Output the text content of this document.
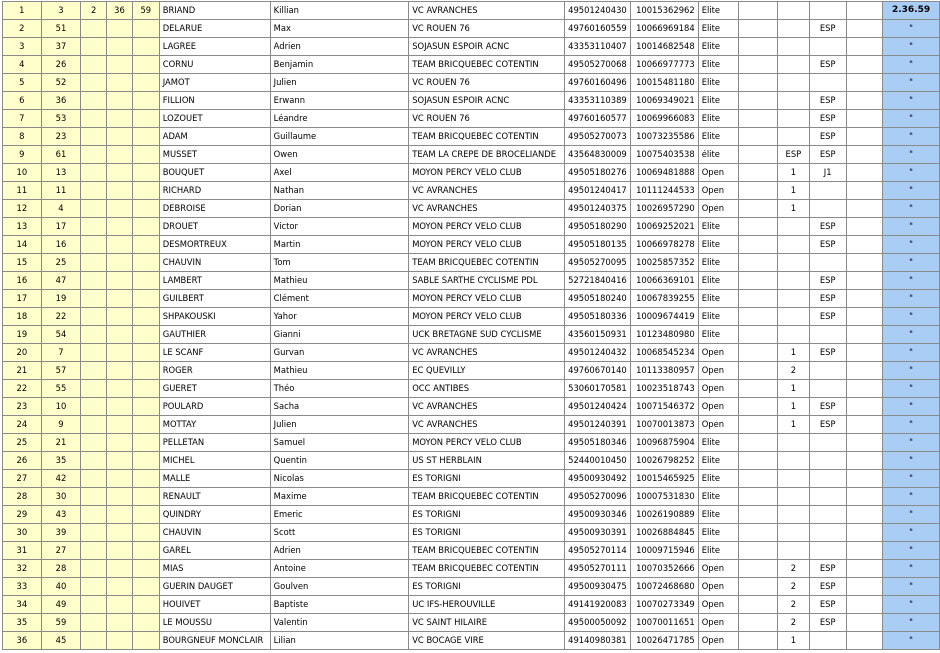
1	3	2	36	59	BRIAND	Killian	VC AVRANCHES	49501240430	10015362962	Elite					2.36.59
2	51				DELARUE	Max	VC ROUEN 76	49760160559	10066969184	Elite			ESP		"
3	37				LAGREE	Adrien	SOJASUN ESPOIR ACNC	43353110407	10014682548	Elite					"
4	26				CORNU	Benjamin	TEAM BRICQUEBEC COTENTIN	49505270068	10066977773	Elite			ESP		"
5	52				JAMOT	Julien	VC ROUEN 76	49760160496	10015481180	Elite					"
6	36				FILLION	Erwann	SOJASUN ESPOIR ACNC	43353110389	10069349021	Elite			ESP		"
7	53				LOZOUET	Léandre	VC ROUEN 76	49760160577	10069966083	Elite			ESP		"
8	23				ADAM	Guillaume	TEAM BRICQUEBEC COTENTIN	49505270073	10073235586	Elite			ESP		"
9	61				MUSSET	Owen	TEAM LA CREPE DE BROCELIANDE	43564830009	10075403538	élite		ESP	ESP		"
10	13				BOUQUET	Axel	MOYON PERCY VELO CLUB	49505180276	10069481888	Open		1	J1		"
11	11				RICHARD	Nathan	VC AVRANCHES	49501240417	10111244533	Open		1			"
12	4				DEBROISE	Dorian	VC AVRANCHES	49501240375	10026957290	Open		1			"
13	17				DROUET	Victor	MOYON PERCY VELO CLUB	49505180290	10069252021	Elite			ESP		"
14	16				DESMORTREUX	Martin	MOYON PERCY VELO CLUB	49505180135	10066978278	Elite			ESP		"
15	25				CHAUVIN	Tom	TEAM BRICQUEBEC COTENTIN	49505270095	10025857352	Elite					"
16	47				LAMBERT	Mathieu	SABLE SARTHE CYCLISME PDL	52721840416	10066369101	Elite			ESP		"
17	19				GUILBERT	Clément	MOYON PERCY VELO CLUB	49505180240	10067839255	Elite			ESP		"
18	22				SHPAKOUSKI	Yahor	MOYON PERCY VELO CLUB	49505180336	10009674419	Elite			ESP		"
19	54				GAUTHIER	Gianni	UCK BRETAGNE SUD CYCLISME	43560150931	10123480980	Elite					"
20	7				LE SCANF	Gurvan	VC AVRANCHES	49501240432	10068545234	Open		1	ESP		"
21	57				ROGER	Mathieu	EC QUEVILLY	49760670140	10113380957	Open		2			"
22	55				GUERET	Théo	OCC ANTIBES	53060170581	10023518743	Open		1			"
23	10				POULARD	Sacha	VC AVRANCHES	49501240424	10071546372	Open		1	ESP		"
24	9				MOTTAY	Julien	VC AVRANCHES	49501240391	10070013873	Open		1	ESP		"
25	21				PELLETAN	Samuel	MOYON PERCY VELO CLUB	49505180346	10096875904	Elite					"
26	35				MICHEL	Quentin	US ST HERBLAIN	52440010450	10026798252	Elite					"
27	42				MALLE	Nicolas	ES TORIGNI	49500930492	10015465925	Elite					"
28	30				RENAULT	Maxime	TEAM BRICQUEBEC COTENTIN	49505270096	10007531830	Elite					"
29	43				QUINDRY	Emeric	ES TORIGNI	49500930346	10026190889	Elite					"
30	39				CHAUVIN	Scott	ES TORIGNI	49500930391	10026884845	Elite					"
31	27				GAREL	Adrien	TEAM BRICQUEBEC COTENTIN	49505270114	10009715946	Elite					"
32	28				MIAS	Antoine	TEAM BRICQUEBEC COTENTIN	49505270111	10070352666	Open		2	ESP		"
33	40				GUERIN DAUGET	Goulven	ES TORIGNI	49500930475	10072468680	Open		2	ESP		"
34	49				HOUIVET	Baptiste	UC IFS-HEROUVILLE	49141920083	10070273349	Open		2	ESP		"
35	59				LE MOUSSU	Valentin	VC SAINT HILAIRE	49500050092	10070011651	Open		2	ESP		"
36	45				BOURGNEUF MONCLAIR	Lilian	VC BOCAGE VIRE	49140980381	10026471785	Open		1			"
